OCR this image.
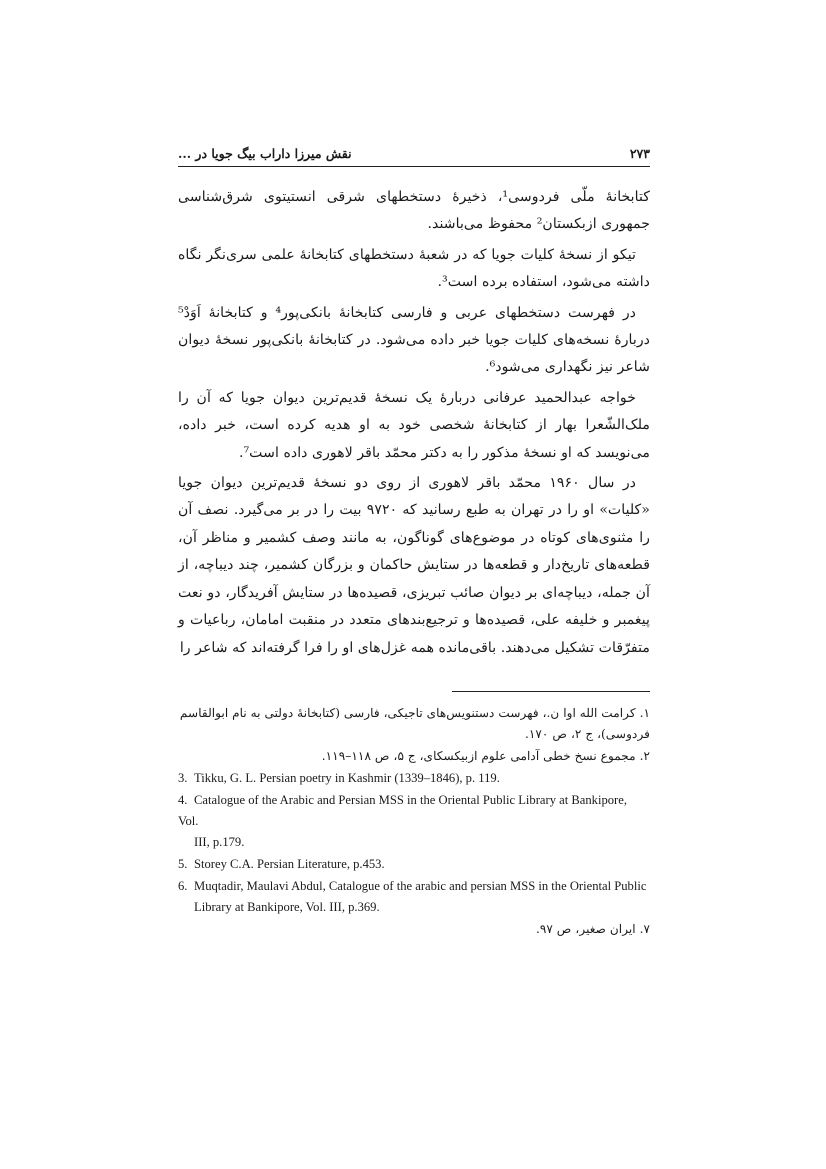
۲۷۳
نقش میرزا داراب بیگ جویا در ...

کتابخانهٔ ملّی فردوسی¹، ذخیرهٔ دستخطهای شرقی انستیتوی شرق‌شناسی جمهوری ازبکستان² محفوظ می‌باشند.

تیکو از نسخهٔ کلیات جویا که در شعبهٔ دستخطهای کتابخانهٔ علمی سری‌نگر نگاه داشته می‌شود، استفاده برده است³.

در فهرست دستخطهای عربی و فارسی کتابخانهٔ بانکی‌پور⁴ و کتابخانهٔ اَوَدْ⁵ دربارهٔ نسخه‌های کلیات جویا خبر داده می‌شود. در کتابخانهٔ بانکی‌پور نسخهٔ دیوان شاعر نیز نگهداری می‌شود⁶.

خواجه عبدالحمید عرفانی دربارهٔ یک نسخهٔ قدیم‌ترین دیوان جویا که آن را ملک‌الشّعرا بهار از کتابخانهٔ شخصی خود به او هدیه کرده است، خبر داده، می‌نویسد که او نسخهٔ مذکور را به دکتر محمّد باقر لاهوری داده است⁷.

در سال ۱۹۶۰ محمّد باقر لاهوری از روی دو نسخهٔ قدیم‌ترین دیوان جویا «کلیات» او را در تهران به طبع رسانید که ۹۷۲۰ بیت را در بر می‌گیرد. نصف آن را مثنوی‌های کوتاه در موضوع‌های گوناگون، به مانند وصف کشمیر و مناظر آن، قطعه‌های تاریخ‌دار و قطعه‌ها در ستایش حاکمان و بزرگان کشمیر، چند دیباچه، از آن جمله، دیباچه‌ای بر دیوان صائب تبریزی، قصیده‌ها در ستایش آفریدگار، دو نعت پیغمبر و خلیفه علی، قصیده‌ها و ترجیع‌بندهای متعدد در منقبت امامان، رباعیات و متفرّقات تشکیل می‌دهند. باقی‌مانده همه غزل‌های او را فرا گرفته‌اند که شاعر را

۱. کرامت الله اوا ن.، فهرست دستنویس‌های تاجیکی، فارسی (کتابخانهٔ دولتی به نام ابوالقاسم فردوسی)، ج ۲، ص ۱۷۰.
۲. مجموع نسخ خطی آدامی علوم ازبیکسکای، ج ۵، ص ۱۱۸–۱۱۹.
3. Tikku, G. L. Persian poetry in Kashmir (1339–1846), p. 119.
4. Catalogue of the Arabic and Persian MSS in the Oriental Public Library at Bankipore, Vol.
III, p.179.
5. Storey C.A. Persian Literature, p.453.
6. Muqtadir, Maulavi Abdul, Catalogue of the arabic and persian MSS in the Oriental Public
Library at Bankipore, Vol. III, p.369.
۷. ایران صغیر، ص ۹۷.
